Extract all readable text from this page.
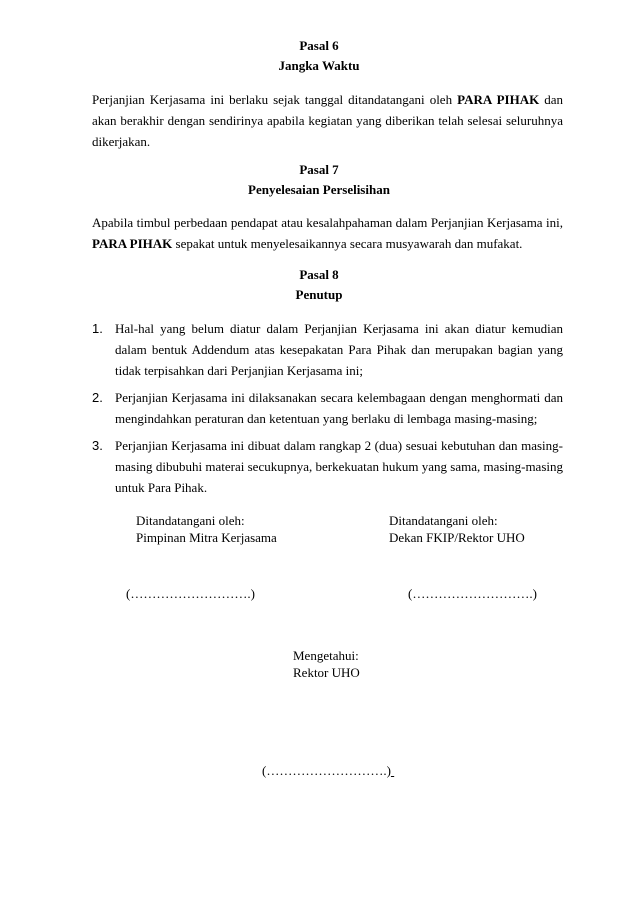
Pasal 6
Jangka Waktu
Perjanjian Kerjasama ini berlaku sejak tanggal ditandatangani oleh PARA PIHAK dan akan berakhir dengan sendirinya apabila kegiatan yang diberikan telah selesai seluruhnya dikerjakan.
Pasal 7
Penyelesaian Perselisihan
Apabila timbul perbedaan pendapat atau kesalahpahaman dalam Perjanjian Kerjasama ini, PARA PIHAK sepakat untuk menyelesaikannya secara musyawarah dan mufakat.
Pasal 8
Penutup
1. Hal-hal yang belum diatur dalam Perjanjian Kerjasama ini akan diatur kemudian dalam bentuk Addendum atas kesepakatan Para Pihak dan merupakan bagian yang tidak terpisahkan dari Perjanjian Kerjasama ini;
2. Perjanjian Kerjasama ini dilaksanakan secara kelembagaan dengan menghormati dan mengindahkan peraturan dan ketentuan yang berlaku di lembaga masing-masing;
3. Perjanjian Kerjasama ini dibuat dalam rangkap 2 (dua) sesuai kebutuhan dan masing-masing dibubuhi materai secukupnya, berkekuatan hukum yang sama, masing-masing untuk Para Pihak.
Ditandatangani oleh:
Pimpinan Mitra Kerjasama
Ditandatangani oleh:
Dekan FKIP/Rektor UHO
(……………………….)	(……………………….)
Mengetahui:
Rektor UHO
(……………………….)
